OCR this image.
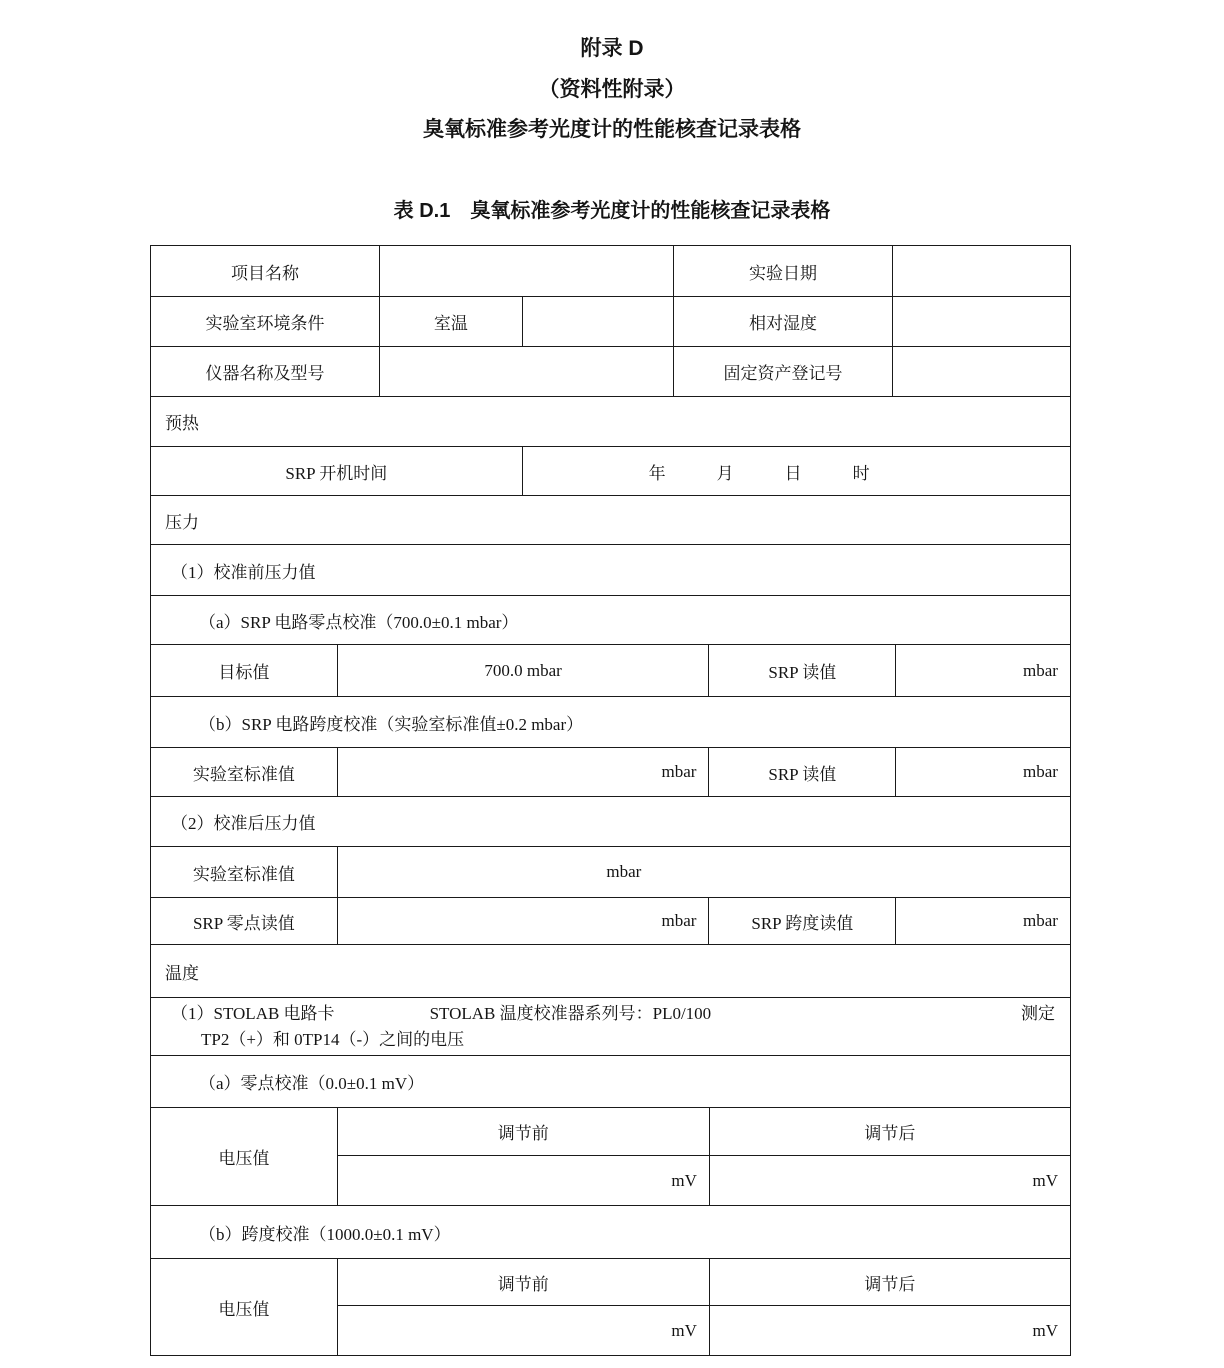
附录 D
（资料性附录）
臭氧标准参考光度计的性能核查记录表格
表 D.1　臭氧标准参考光度计的性能核查记录表格
项目名称	实验日期
实验室环境条件	室温	相对湿度
仪器名称及型号	固定资产登记号
预热
SRP 开机时间	年	月	日	时
压力
（1）校准前压力值
（a）SRP 电路零点校准（700.0±0.1 mbar）
目标值	700.0 mbar	SRP 读值	mbar
（b）SRP 电路跨度校准（实验室标准值±0.2 mbar）
实验室标准值	mbar	SRP 读值	mbar
（2）校准后压力值
实验室标准值	mbar
SRP 零点读值	mbar	SRP 跨度读值	mbar
温度
（1）STOLAB 电路卡	STOLAB 温度校准器系列号：PL0/100	测定
TP2（+）和 0TP14（-）之间的电压
（a）零点校准（0.0±0.1 mV）
电压值
调节前	调节后
mV	mV
（b）跨度校准（1000.0±0.1 mV）
电压值
调节前	调节后
mV	mV
